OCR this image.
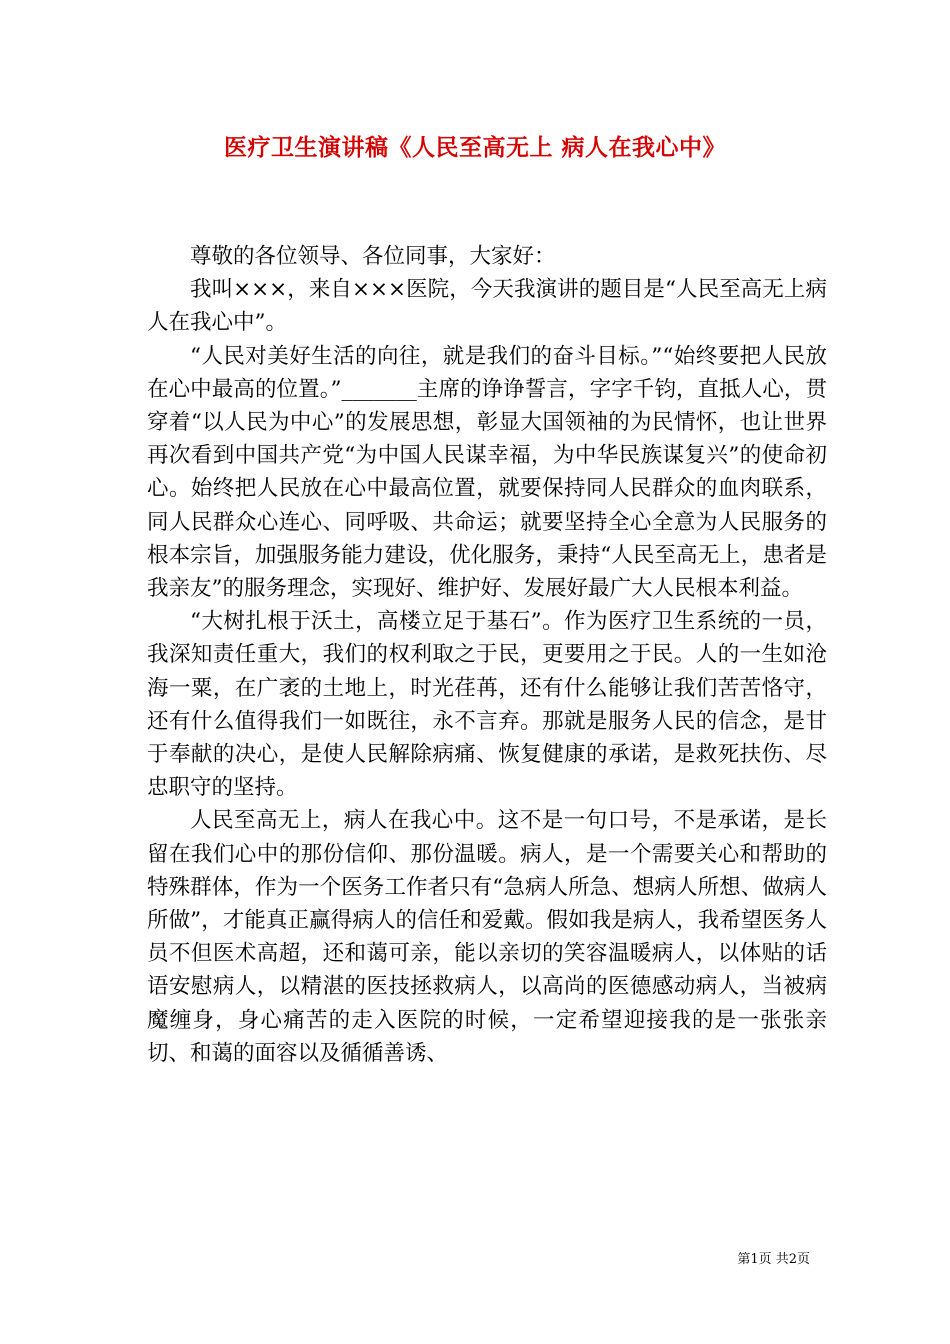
医疗卫生演讲稿《人民至高无上 病人在我心中》

尊敬的各位领导、各位同事，大家好：

我叫×××，来自×××医院，今天我演讲的题目是“人民至高无上病人在我心中”。

“人民对美好生活的向往，就是我们的奋斗目标。”“始终要把人民放在心中最高的位置。”_______主席的诤诤誓言，字字千钧，直抵人心，贯穿着“以人民为中心”的发展思想，彰显大国领袖的为民情怀，也让世界再次看到中国共产党“为中国人民谋幸福，为中华民族谋复兴”的使命初心。始终把人民放在心中最高位置，就要保持同人民群众的血肉联系，同人民群众心连心、同呼吸、共命运；就要坚持全心全意为人民服务的根本宗旨，加强服务能力建设，优化服务，秉持“人民至高无上，患者是我亲友”的服务理念，实现好、维护好、发展好最广大人民根本利益。

“大树扎根于沃土，高楼立足于基石”。作为医疗卫生系统的一员，我深知责任重大，我们的权利取之于民，更要用之于民。人的一生如沧海一粟，在广袤的土地上，时光荏苒，还有什么能够让我们苦苦恪守，还有什么值得我们一如既往，永不言弃。那就是服务人民的信念，是甘于奉献的决心，是使人民解除病痛、恢复健康的承诺，是救死扶伤、尽忠职守的坚持。

人民至高无上，病人在我心中。这不是一句口号，不是承诺，是长留在我们心中的那份信仰、那份温暖。病人，是一个需要关心和帮助的特殊群体，作为一个医务工作者只有“急病人所急、想病人所想、做病人所做”，才能真正赢得病人的信任和爱戴。假如我是病人，我希望医务人员不但医术高超，还和蔼可亲，能以亲切的笑容温暖病人，以体贴的话语安慰病人，以精湛的医技拯救病人，以高尚的医德感动病人，当被病魔缠身，身心痛苦的走入医院的时候，一定希望迎接我的是一张张亲切、和蔼的面容以及循循善诱、

第1页 共2页
